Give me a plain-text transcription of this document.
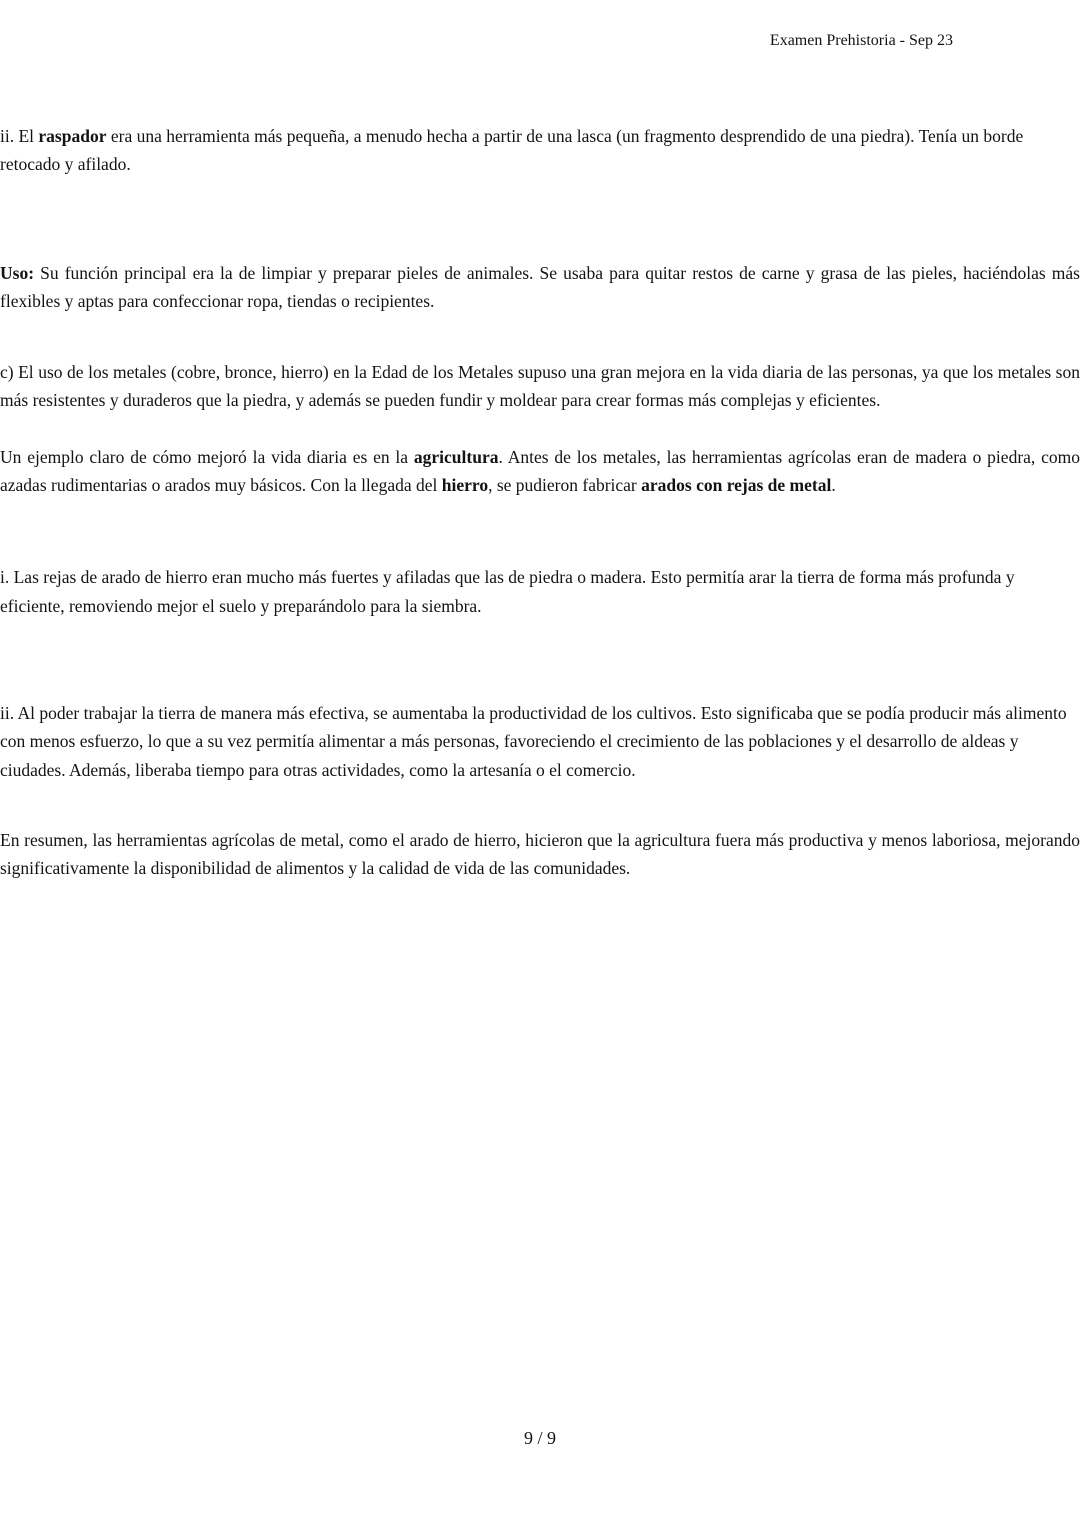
Examen Prehistoria - Sep 23

ii. El raspador era una herramienta más pequeña, a menudo hecha a partir de una lasca (un fragmento desprendido de una piedra). Tenía un borde retocado y afilado.

Uso: Su función principal era la de limpiar y preparar pieles de animales. Se usaba para quitar restos de carne y grasa de las pieles, haciéndolas más flexibles y aptas para confeccionar ropa, tiendas o recipientes.

c) El uso de los metales (cobre, bronce, hierro) en la Edad de los Metales supuso una gran mejora en la vida diaria de las personas, ya que los metales son más resistentes y duraderos que la piedra, y además se pueden fundir y moldear para crear formas más complejas y eficientes.

Un ejemplo claro de cómo mejoró la vida diaria es en la agricultura. Antes de los metales, las herramientas agrícolas eran de madera o piedra, como azadas rudimentarias o arados muy básicos. Con la llegada del hierro, se pudieron fabricar arados con rejas de metal.

i. Las rejas de arado de hierro eran mucho más fuertes y afiladas que las de piedra o madera. Esto permitía arar la tierra de forma más profunda y eficiente, removiendo mejor el suelo y preparándolo para la siembra.

ii. Al poder trabajar la tierra de manera más efectiva, se aumentaba la productividad de los cultivos. Esto significaba que se podía producir más alimento con menos esfuerzo, lo que a su vez permitía alimentar a más personas, favoreciendo el crecimiento de las poblaciones y el desarrollo de aldeas y ciudades. Además, liberaba tiempo para otras actividades, como la artesanía o el comercio.

En resumen, las herramientas agrícolas de metal, como el arado de hierro, hicieron que la agricultura fuera más productiva y menos laboriosa, mejorando significativamente la disponibilidad de alimentos y la calidad de vida de las comunidades.

9 / 9
